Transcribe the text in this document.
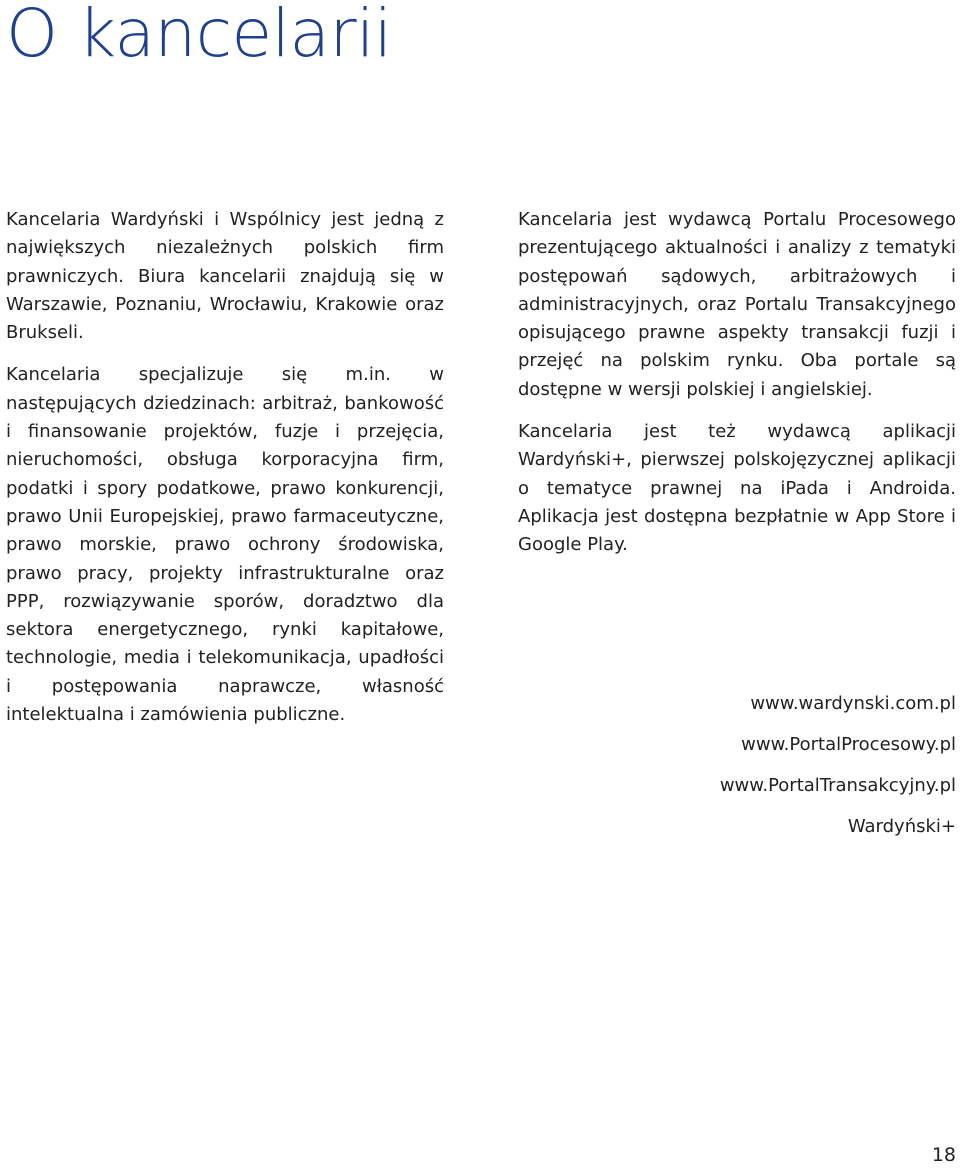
O kancelarii

Kancelaria Wardyński i Wspólnicy jest jedną z największych niezależnych polskich firm prawniczych. Biura kancelarii znajdują się w Warszawie, Poznaniu, Wrocławiu, Krakowie oraz Brukseli.

Kancelaria specjalizuje się m.in. w następujących dziedzinach: arbitraż, bankowość i finansowanie projektów, fuzje i przejęcia, nieruchomości, obsługa korporacyjna firm, podatki i spory podatkowe, prawo konkurencji, prawo Unii Europejskiej, prawo farmaceutyczne, prawo morskie, prawo ochrony środowiska, prawo pracy, projekty infrastrukturalne oraz PPP, rozwiązywanie sporów, doradztwo dla sektora energetycznego, rynki kapitałowe, technologie, media i telekomunikacja, upadłości i postępowania naprawcze, własność intelektualna i zamówienia publiczne.

Kancelaria jest wydawcą Portalu Procesowego prezentującego aktualności i analizy z tematyki postępowań sądowych, arbitrażowych i administracyjnych, oraz Portalu Transakcyjnego opisującego prawne aspekty transakcji fuzji i przejęć na polskim rynku. Oba portale są dostępne w wersji polskiej i angielskiej.

Kancelaria jest też wydawcą aplikacji Wardyński+, pierwszej polskojęzycznej aplikacji o tematyce prawnej na iPada i Androida. Aplikacja jest dostępna bezpłatnie w App Store i Google Play.

www.wardynski.com.pl
www.PortalProcesowy.pl
www.PortalTransakcyjny.pl
Wardyński+
18
